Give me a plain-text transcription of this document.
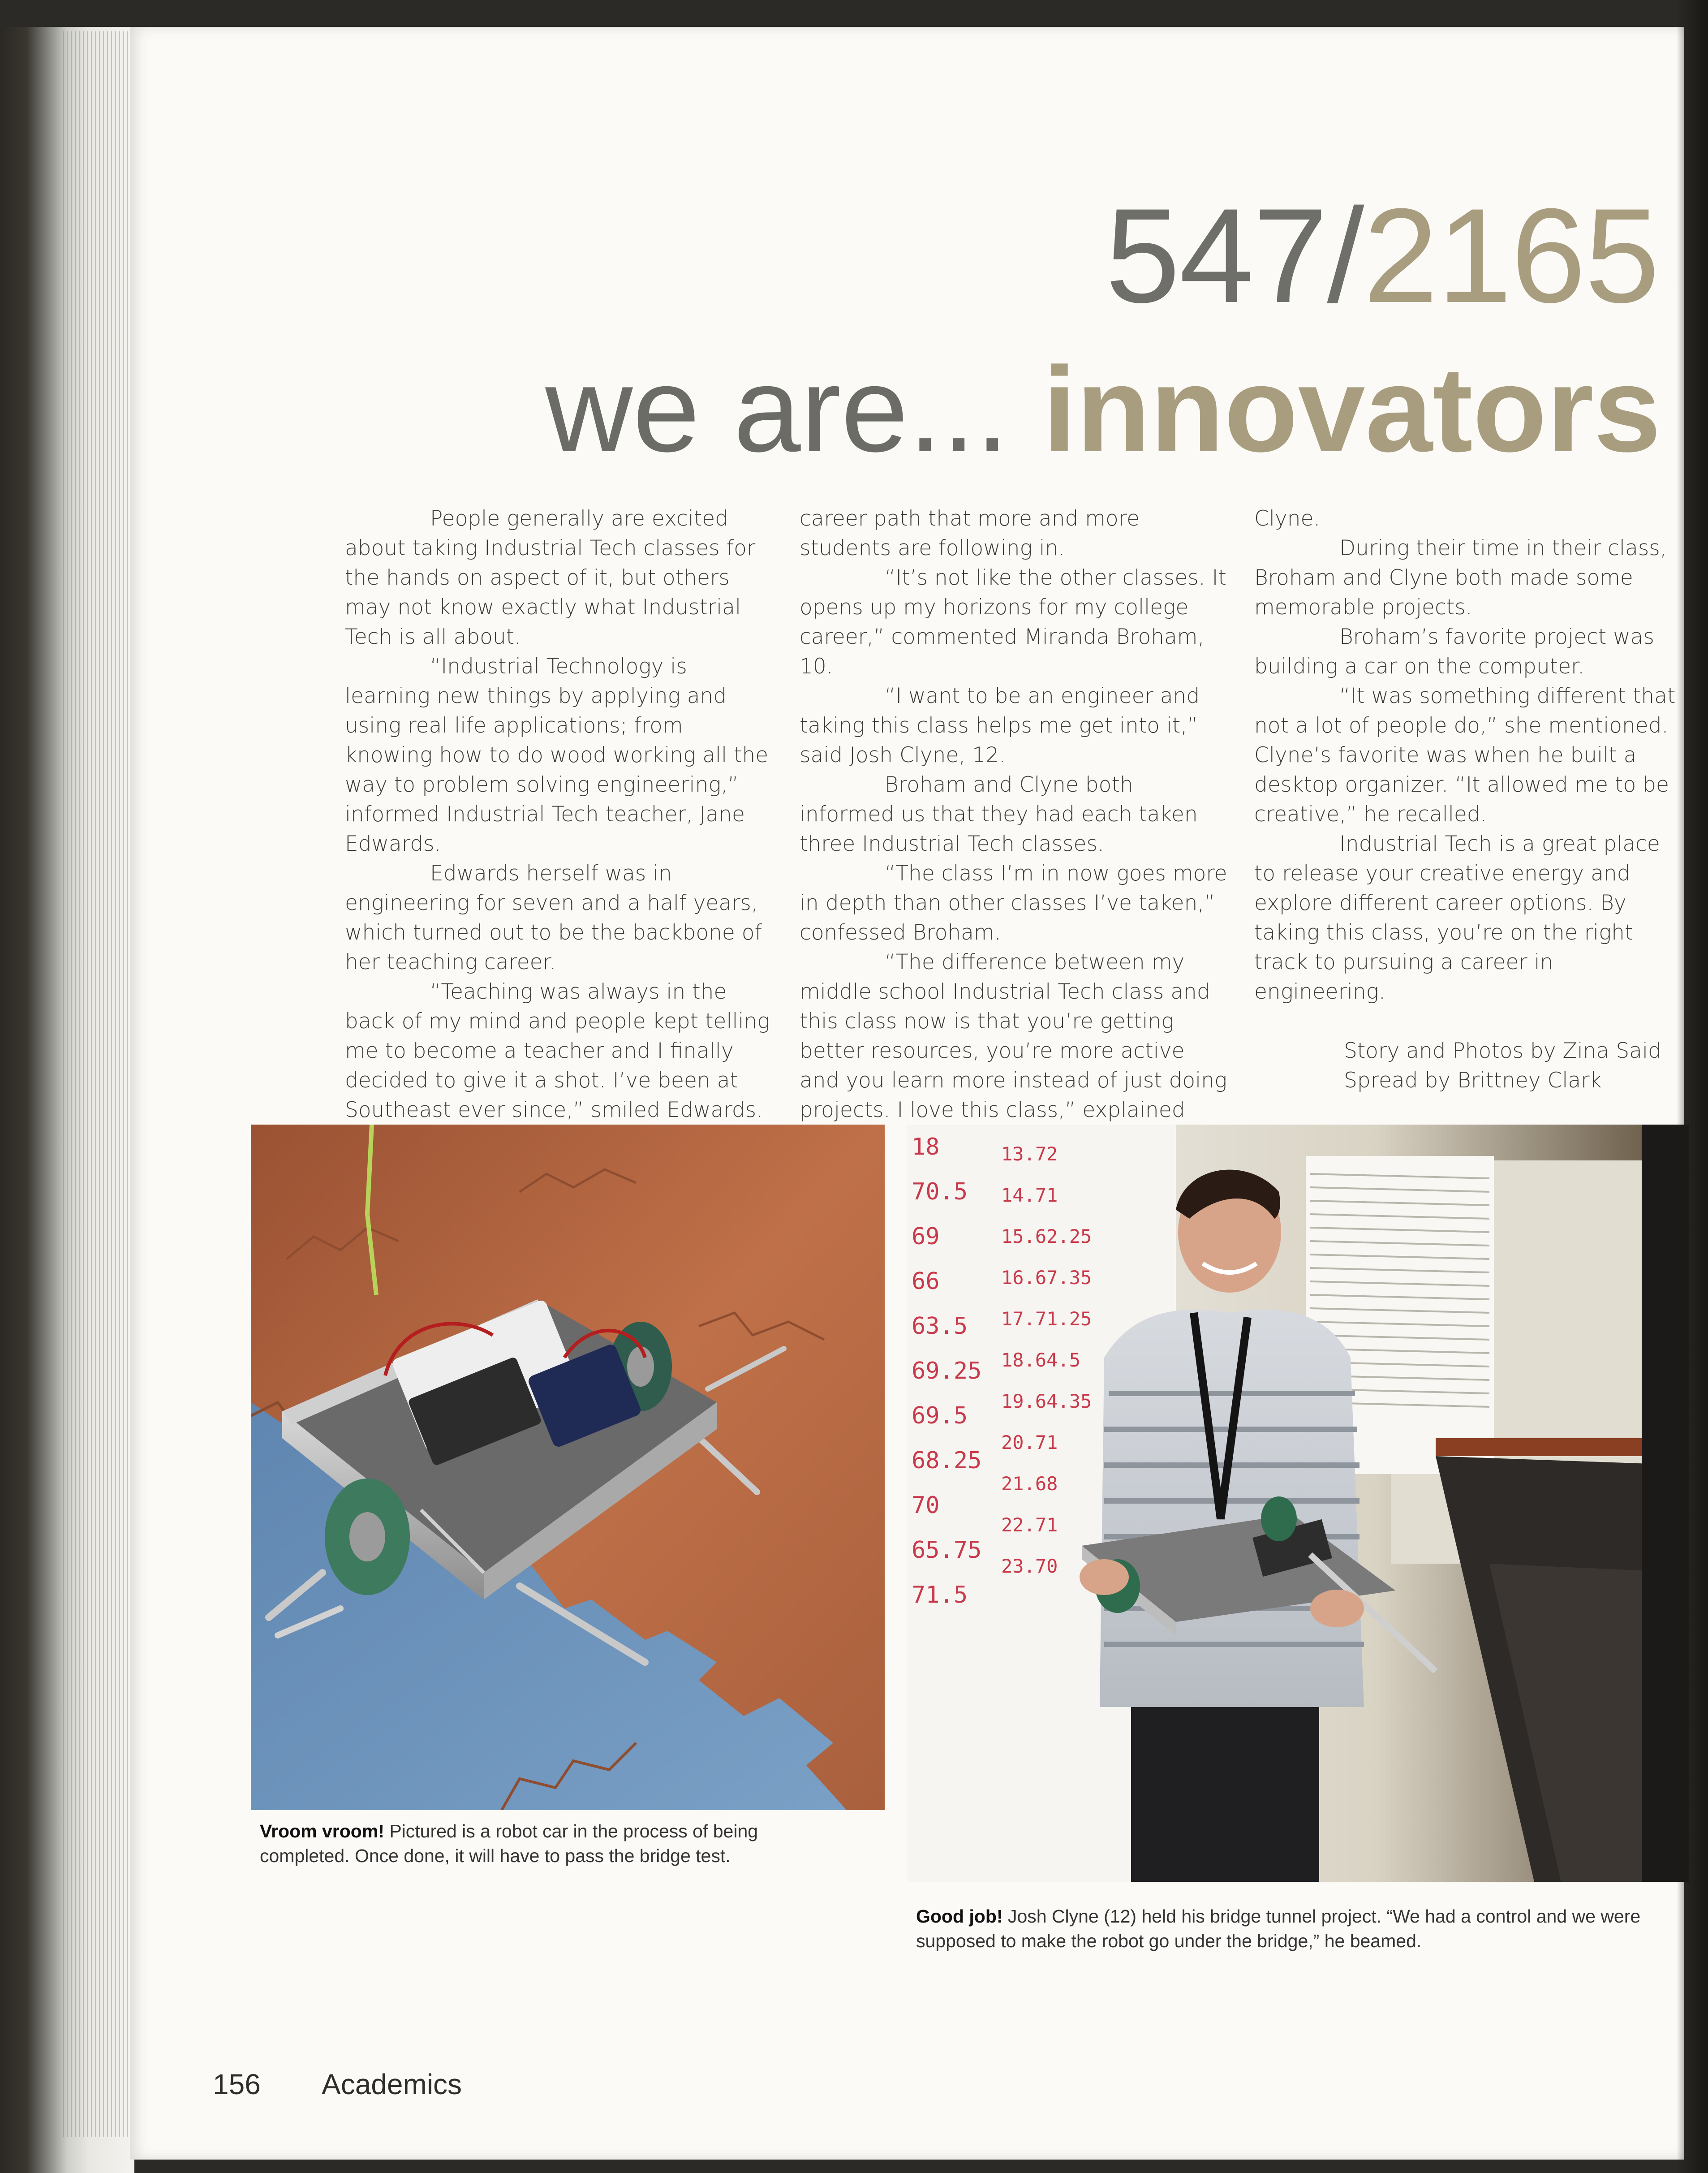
547/2165
we are... innovators

People generally are excited about taking Industrial Tech classes for the hands on aspect of it, but others may not know exactly what Industrial Tech is all about.

“Industrial Technology is learning new things by applying and using real life applications; from knowing how to do wood working all the way to problem solving engineering,” informed Industrial Tech teacher, Jane Edwards.

Edwards herself was in engineering for seven and a half years, which turned out to be the backbone of her teaching career.

“Teaching was always in the back of my mind and people kept telling me to become a teacher and I finally decided to give it a shot. I’ve been at Southeast ever since,” smiled Edwards.

career path that more and more students are following in.

“It’s not like the other classes. It opens up my horizons for my college career,” commented Miranda Broham, 10.

“I want to be an engineer and taking this class helps me get into it,” said Josh Clyne, 12.

Broham and Clyne both informed us that they had each taken three Industrial Tech classes.

“The class I’m in now goes more in depth than other classes I’ve taken,” confessed Broham.

“The difference between my middle school Industrial Tech class and this class now is that you’re getting better resources, you’re more active and you learn more instead of just doing projects. I love this class,” explained

Clyne.

During their time in their class, Broham and Clyne both made some memorable projects.

Broham’s favorite project was building a car on the computer.

“It was something different that not a lot of people do,” she mentioned. Clyne’s favorite was when he built a desktop organizer. “It allowed me to be creative,” he recalled.

Industrial Tech is a great place to release your creative energy and explore different career options. By taking this class, you’re on the right track to pursuing a career in engineering.

Story and Photos by Zina Said

Spread by Brittney Clark

Vroom vroom! Pictured is a robot car in the process of being completed. Once done, it will have to pass the bridge test.
18
70.5
69
66
63.5
69.25
69.5
68.25
70
65.75
71.5
13.72
14.71
15.62.25
16.67.35
17.71.25
18.64.5
19.64.35
20.71
21.68
22.71
23.70
Good job! Josh Clyne (12) held his bridge tunnel project. “We had a control and we were supposed to make the robot go under the bridge,” he beamed.
156 Academics
